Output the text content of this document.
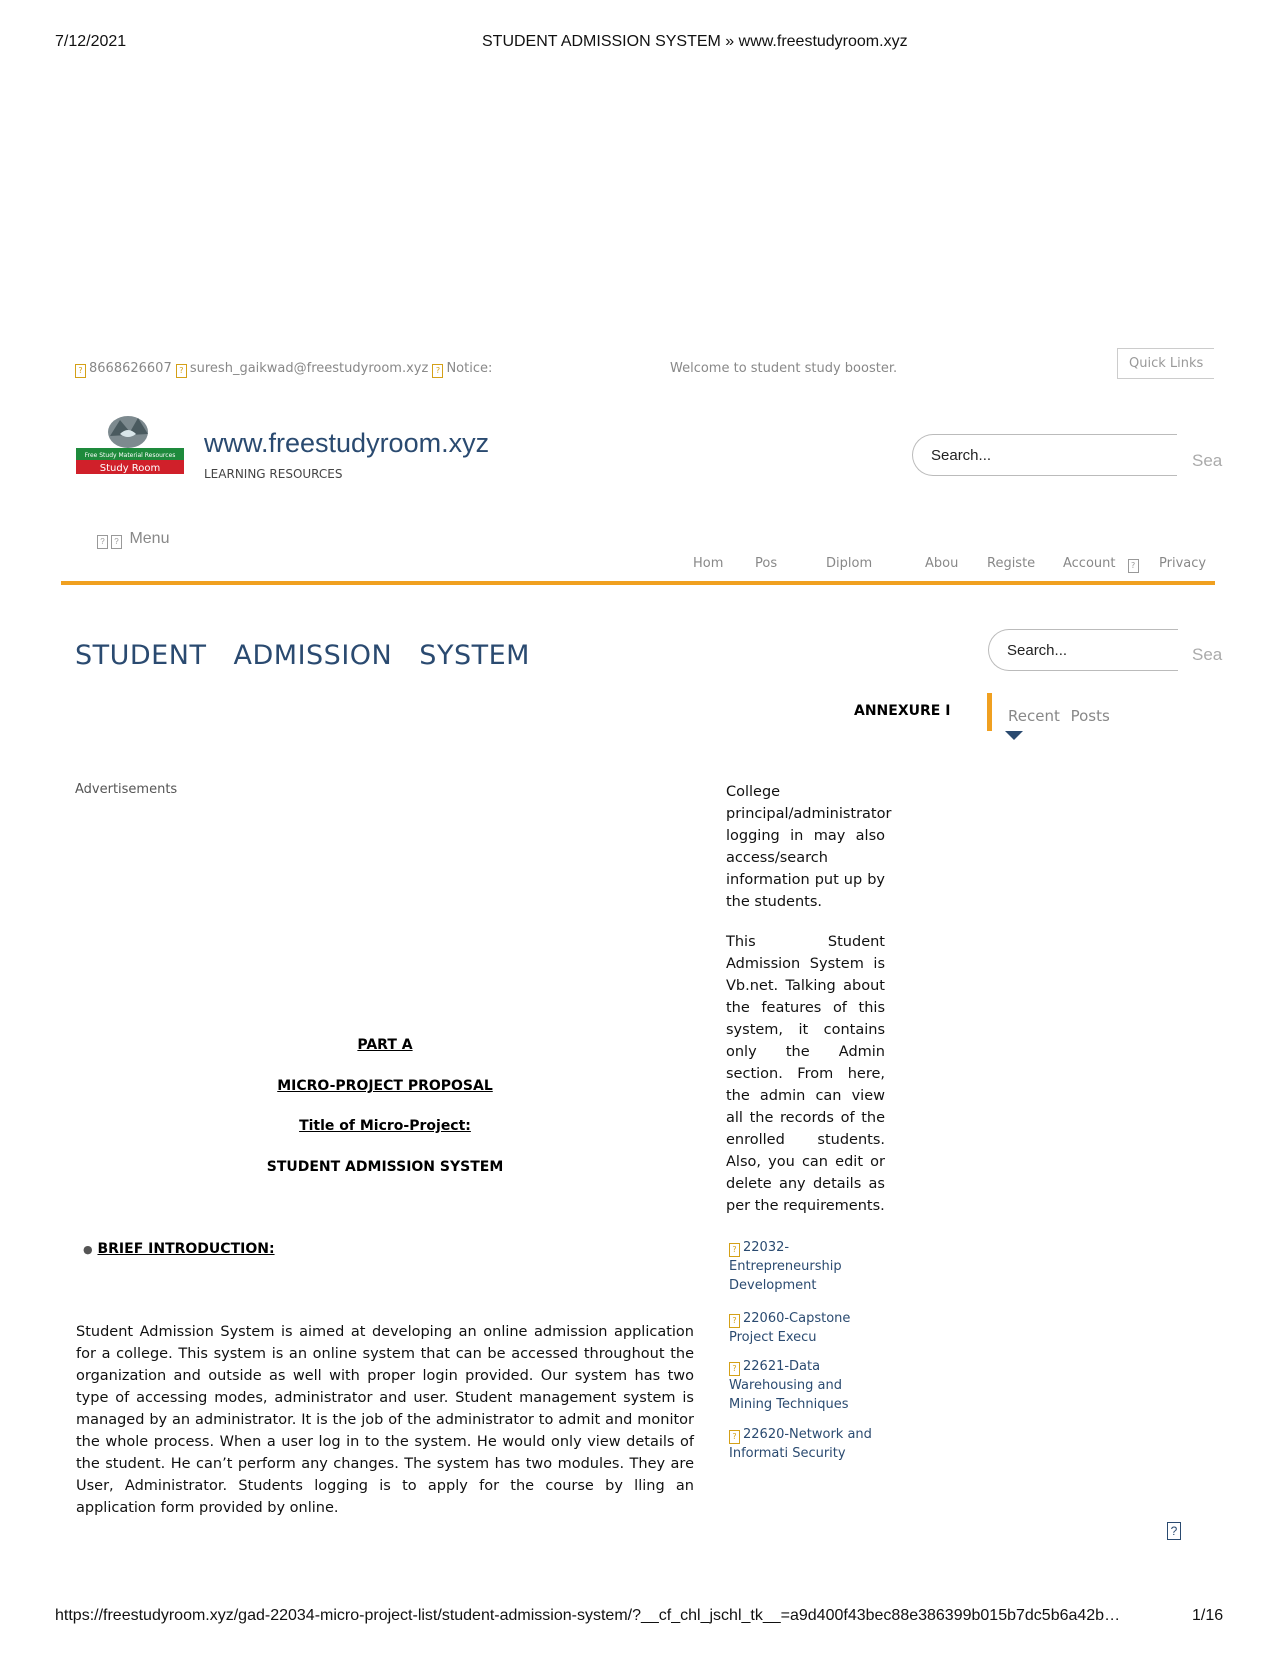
7/12/2021	STUDENT ADMISSION SYSTEM » www.freestudyroom.xyz
? 8668626607 ? suresh_gaikwad@freestudyroom.xyz ? Notice:	Welcome to student study booster.	Quick Links
Free Study Material Resources
Study Room
www.freestudyroom.xyz
LEARNING RESOURCES
Search...	Sea
? ? Menu
Hom Pos	Diplom	Abou Registe Account ?	Privacy
STUDENT ADMISSION SYSTEM	Search...	Sea
Recent Posts
ANNEXURE I
Advertisements	College principal/administrator logging in may also access/search information put up by the students.
This Student Admission System is Vb.net. Talking about the features of this system, it contains only the Admin section. From here, the admin can view all the records of the enrolled students. Also, you can edit or delete any details as per the requirements.
? 22032-Entrepreneurship Development
? 22060-Capstone Project Execu
? 22621-Data Warehousing and Mining Techniques
? 22620-Network and Informati Security
PART A
MICRO-PROJECT PROPOSAL
Title of Micro-Project:
STUDENT ADMISSION SYSTEM
● BRIEF INTRODUCTION:
Student Admission System is aimed at developing an online admission application for a college. This system is an online system that can be accessed throughout the organization and outside as well with proper login provided. Our system has two type of accessing modes, administrator and user. Student management system is managed by an administrator. It is the job of the administrator to admit and monitor the whole process. When a user log in to the system. He would only view details of the student. He can’t perform any changes. The system has two modules. They are User, Administrator. Students logging is to apply for the course by lling an application form provided by online.
?
https://freestudyroom.xyz/gad-22034-micro-project-list/student-admission-system/?__cf_chl_jschl_tk__=a9d400f43bec88e386399b015b7dc5b6a42b…	1/16
